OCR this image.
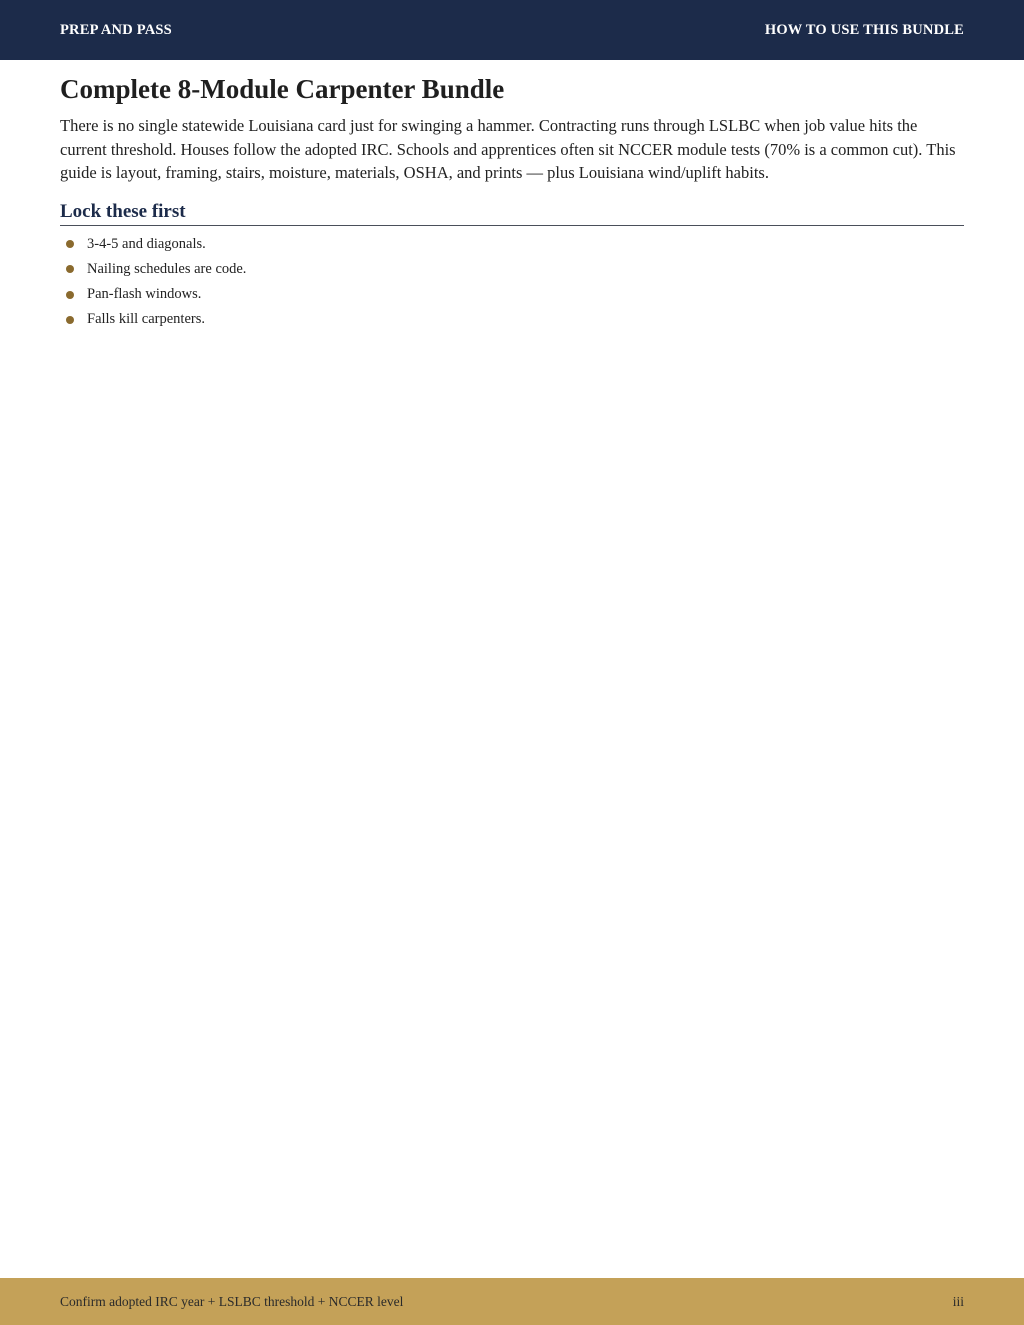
PREP AND PASS	HOW TO USE THIS BUNDLE
Complete 8-Module Carpenter Bundle

There is no single statewide Louisiana card just for swinging a hammer. Contracting runs through LSLBC when job value hits the current threshold. Houses follow the adopted IRC. Schools and apprentices often sit NCCER module tests (70% is a common cut). This guide is layout, framing, stairs, moisture, materials, OSHA, and prints — plus Louisiana wind/uplift habits.

Lock these first
3-4-5 and diagonals.
Nailing schedules are code.
Pan-flash windows.
Falls kill carpenters.
Confirm adopted IRC year + LSLBC threshold + NCCER level	iii
